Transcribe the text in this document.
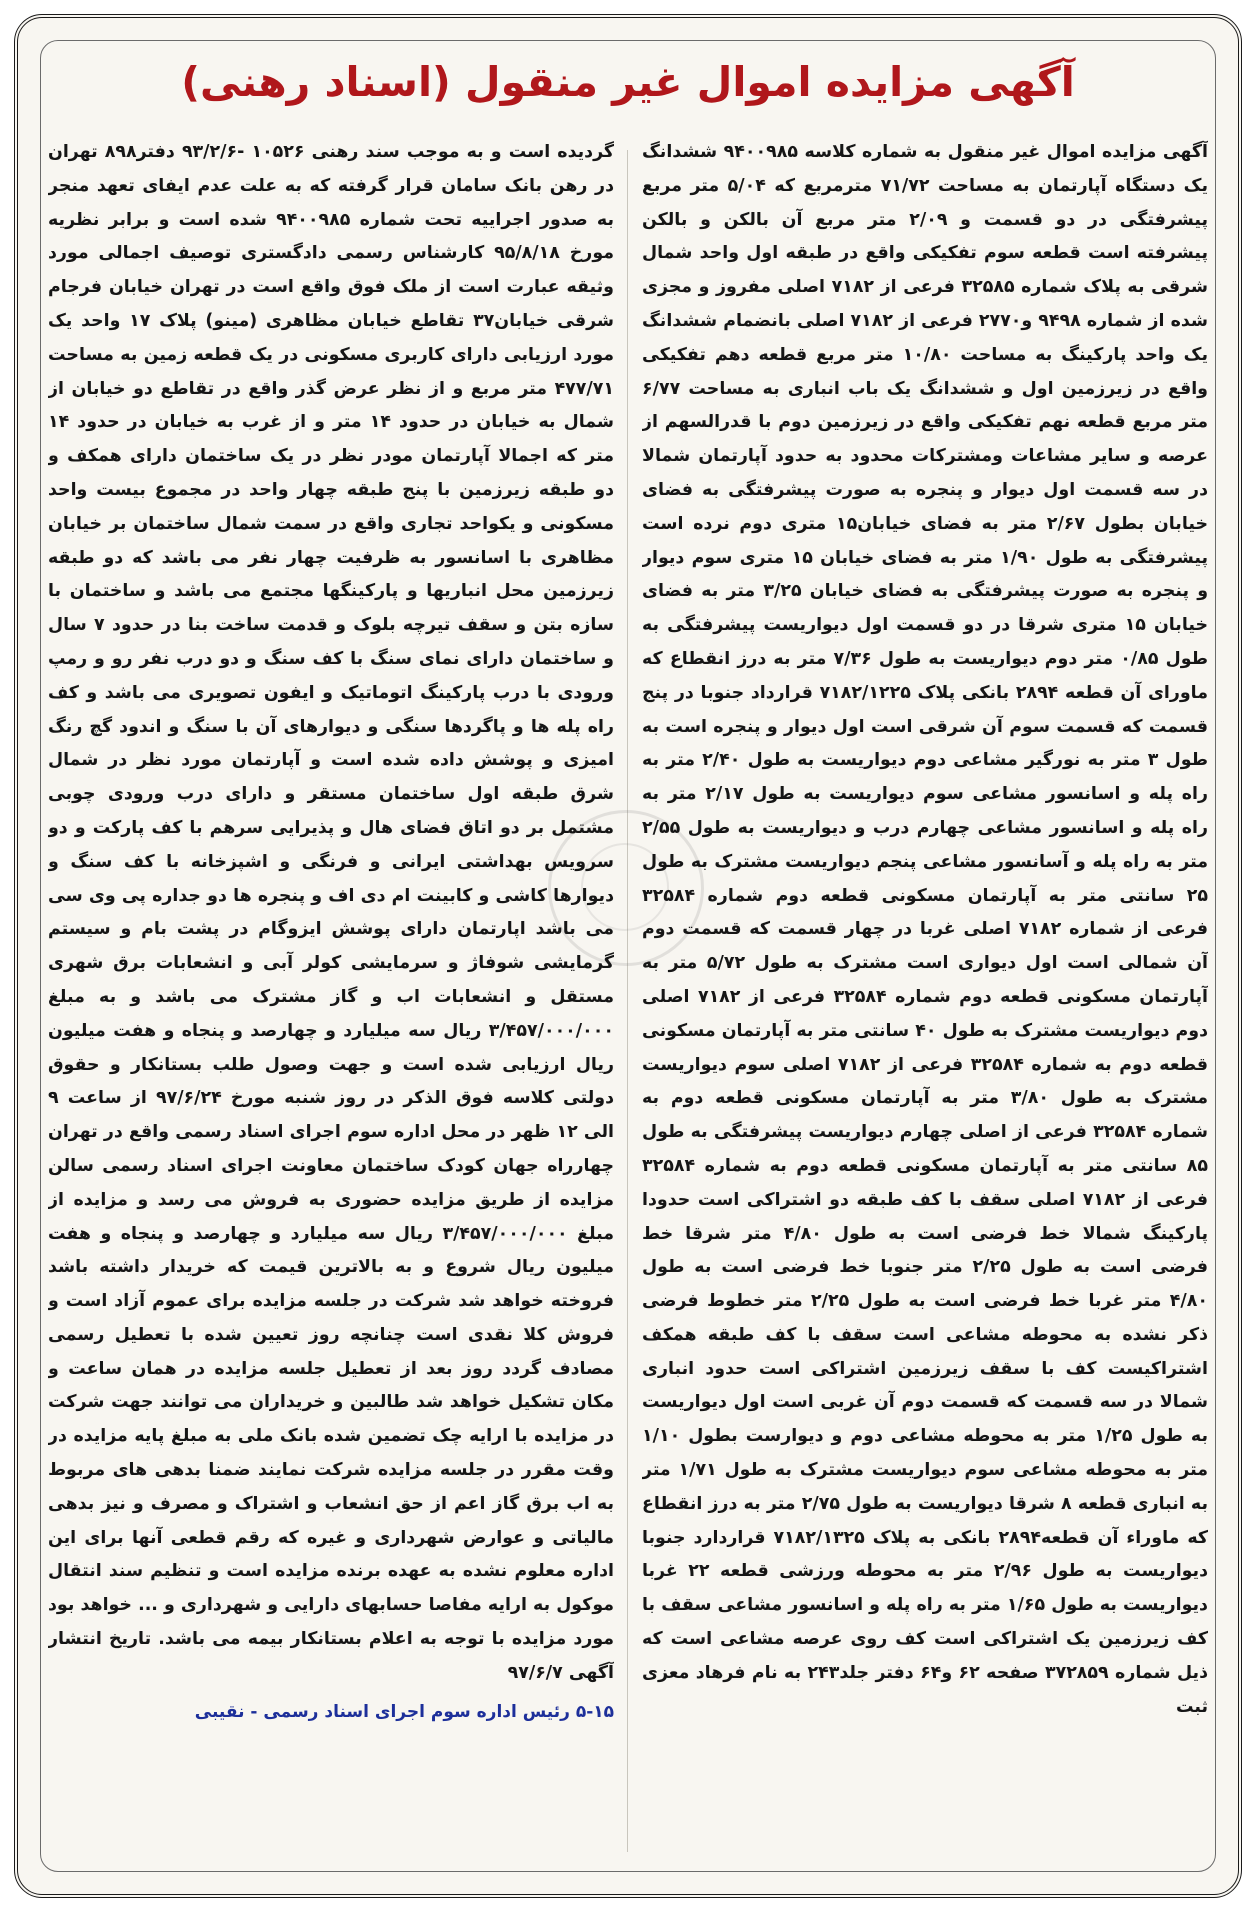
آگهی مزایده اموال غیر منقول (اسناد رهنی)

آگهی مزایده اموال غیر منقول به شماره کلاسه ۹۴۰۰۹۸۵ ششدانگ یک دستگاه آپارتمان به مساحت ۷۱/۷۲ مترمربع که ۵/۰۴ متر مربع پیشرفتگی در دو قسمت و ۲/۰۹ متر مربع آن بالکن و بالکن پیشرفته است قطعه سوم تفکیکی واقع در طبقه اول واحد شمال شرقی به پلاک شماره ۳۲۵۸۵ فرعی از ۷۱۸۲ اصلی مفروز و مجزی شده از شماره ۹۴۹۸ و۲۷۷۰ فرعی از ۷۱۸۲ اصلی بانضمام ششدانگ یک واحد پارکینگ به مساحت ۱۰/۸۰ متر مربع قطعه دهم تفکیکی واقع در زیرزمین اول و ششدانگ یک باب انباری به مساحت ۶/۷۷ متر مربع قطعه نهم تفکیکی واقع در زیرزمین دوم با قدرالسهم از عرصه و سایر مشاعات ومشترکات محدود به حدود آپارتمان شمالا در سه قسمت اول دیوار و پنجره به صورت پیشرفتگی به فضای خیابان بطول ۲/۶۷ متر به فضای خیابان۱۵ متری دوم نرده است پیشرفتگی به طول ۱/۹۰ متر به فضای خیابان ۱۵ متری سوم دیوار و پنجره به صورت پیشرفتگی به فضای خیابان ۳/۲۵ متر به فضای خیابان ۱۵ متری شرقا در دو قسمت اول دیواریست پیشرفتگی به طول ۰/۸۵ متر دوم دیواریست به طول ۷/۳۶ متر به درز انقطاع که ماورای آن قطعه ۲۸۹۴ بانکی پلاک ۷۱۸۲/۱۲۲۵ قرارداد جنوبا در پنج قسمت که قسمت سوم آن شرقی است اول دیوار و پنجره است به طول ۳ متر به نورگیر مشاعی دوم دیواریست به طول ۲/۴۰ متر به راه پله و اسانسور مشاعی سوم دیواریست به طول ۲/۱۷ متر به راه پله و اسانسور مشاعی چهارم درب و دیواریست به طول ۲/۵۵ متر به راه پله و آسانسور مشاعی پنجم دیواریست مشترک به طول ۲۵ سانتی متر به آپارتمان مسکونی قطعه دوم شماره ۳۲۵۸۴ فرعی از شماره ۷۱۸۲ اصلی غربا در چهار قسمت که قسمت دوم آن شمالی است اول دیواری است مشترک به طول ۵/۷۲ متر به آپارتمان مسکونی قطعه دوم شماره ۳۲۵۸۴ فرعی از ۷۱۸۲ اصلی دوم دیواریست مشترک به طول ۴۰ سانتی متر به آپارتمان مسکونی قطعه دوم به شماره ۳۲۵۸۴ فرعی از ۷۱۸۲ اصلی سوم دیواریست مشترک به طول ۳/۸۰ متر به آپارتمان مسکونی قطعه دوم به شماره ۳۲۵۸۴ فرعی از اصلی چهارم دیواریست پیشرفتگی به طول ۸۵ سانتی متر به آپارتمان مسکونی قطعه دوم به شماره ۳۲۵۸۴ فرعی از ۷۱۸۲ اصلی سقف با کف طبقه دو اشتراکی است حدودا پارکینگ شمالا خط فرضی است به طول ۴/۸۰ متر شرقا خط فرضی است به طول ۲/۲۵ متر جنوبا خط فرضی است به طول ۴/۸۰ متر غربا خط فرضی است به طول ۲/۲۵ متر خطوط فرضی ذکر نشده به محوطه مشاعی است سقف با کف طبقه همکف اشتراکیست کف با سقف زیرزمین اشتراکی است حدود انباری شمالا در سه قسمت که قسمت دوم آن غربی است اول دیواریست به طول ۱/۲۵ متر به محوطه مشاعی دوم و دیوارست بطول ۱/۱۰ متر به محوطه مشاعی سوم دیواریست مشترک به طول ۱/۷۱ متر به انباری قطعه ۸ شرقا دیواریست به طول ۲/۷۵ متر به درز انقطاع که ماوراء آن قطعه۲۸۹۴ بانکی به پلاک ۷۱۸۲/۱۳۲۵ قراردارد جنوبا دیواریست به طول ۲/۹۶ متر به محوطه ورزشی قطعه ۲۲ غربا دیواریست به طول ۱/۶۵ متر به راه پله و اسانسور مشاعی سقف با کف زیرزمین یک اشتراکی است کف روی عرصه مشاعی است که ذیل شماره ۳۷۲۸۵۹ صفحه ۶۲ و۶۴ دفتر جلد۲۴۳ به نام فرهاد معزی ثبت

گردیده است و به موجب سند رهنی ۱۰۵۲۶ -۹۳/۲/۶ دفتر۸۹۸ تهران در رهن بانک سامان قرار گرفته که به علت عدم ایفای تعهد منجر به صدور اجراییه تحت شماره ۹۴۰۰۹۸۵ شده است و برابر نظریه مورخ ۹۵/۸/۱۸ کارشناس رسمی دادگستری توصیف اجمالی مورد وثیقه عبارت است از ملک فوق واقع است در تهران خیابان فرجام شرقی خیابان۳۷ تقاطع خیابان مظاهری (مینو) پلاک ۱۷ واحد یک مورد ارزیابی دارای کاربری مسکونی در یک قطعه زمین به مساحت ۴۷۷/۷۱ متر مربع و از نظر عرض گذر واقع در تقاطع دو خیابان از شمال به خیابان در حدود ۱۴ متر و از غرب به خیابان در حدود ۱۴ متر که اجمالا آپارتمان مودر نظر در یک ساختمان دارای همکف و دو طبقه زیرزمین با پنج طبقه چهار واحد در مجموع بیست واحد مسکونی و یکواحد تجاری واقع در سمت شمال ساختمان بر خیابان مظاهری با اسانسور به ظرفیت چهار نفر می باشد که دو طبقه زیرزمین محل انباریها و پارکینگها مجتمع می باشد و ساختمان با سازه بتن و سقف تیرچه بلوک و قدمت ساخت بنا در حدود ۷ سال و ساختمان دارای نمای سنگ با کف سنگ و دو درب نفر رو و رمپ ورودی با درب پارکینگ اتوماتیک و ایفون تصویری می باشد و کف راه پله ها و پاگردها سنگی و دیوارهای آن با سنگ و اندود گچ رنگ امیزی و پوشش داده شده است و آپارتمان مورد نظر در شمال شرق طبقه اول ساختمان مستقر و دارای درب ورودی چوبی مشتمل بر دو اتاق فضای هال و پذیرایی سرهم با کف پارکت و دو سرویس بهداشتی ایرانی و فرنگی و اشپزخانه با کف سنگ و دیوارها کاشی و کابینت ام دی اف و پنجره ها دو جداره پی وی سی می باشد اپارتمان دارای پوشش ایزوگام در پشت بام و سیستم گرمایشی شوفاژ و سرمایشی کولر آبی و انشعابات برق شهری مستقل و انشعابات اب و گاز مشترک می باشد و به مبلغ ۳/۴۵۷/۰۰۰/۰۰۰ ریال سه میلیارد و چهارصد و پنجاه و هفت میلیون ریال ارزیابی شده است و جهت وصول طلب بستانکار و حقوق دولتی کلاسه فوق الذکر در روز شنبه مورخ ۹۷/۶/۲۴ از ساعت ۹ الی ۱۲ ظهر در محل اداره سوم اجرای اسناد رسمی واقع در تهران چهارراه جهان کودک ساختمان معاونت اجرای اسناد رسمی سالن مزایده از طریق مزایده حضوری به فروش می رسد و مزایده از مبلغ ۳/۴۵۷/۰۰۰/۰۰۰ ریال سه میلیارد و چهارصد و پنجاه و هفت میلیون ریال شروع و به بالاترین قیمت که خریدار داشته باشد فروخته خواهد شد شرکت در جلسه مزایده برای عموم آزاد است و فروش کلا نقدی است چنانچه روز تعیین شده با تعطیل رسمی مصادف گردد روز بعد از تعطیل جلسه مزایده در همان ساعت و مکان تشکیل خواهد شد طالبین و خریداران می توانند جهت شرکت در مزایده با ارایه چک تضمین شده بانک ملی به مبلغ پایه مزایده در وقت مقرر در جلسه مزایده شرکت نمایند ضمنا بدهی های مربوط به اب برق گاز اعم از حق انشعاب و اشتراک و مصرف و نیز بدهی مالیاتی و عوارض شهرداری و غیره که رقم قطعی آنها برای این اداره معلوم نشده به عهده برنده مزایده است و تنظیم سند انتقال موکول به ارایه مفاصا حسابهای دارایی و شهرداری و ... خواهد بود مورد مزایده با توجه به اعلام بستانکار بیمه می باشد. تاریخ انتشار آگهی ۹۷/۶/۷

۵-۱۵ رئیس اداره سوم اجرای اسناد رسمی - نقیبی
